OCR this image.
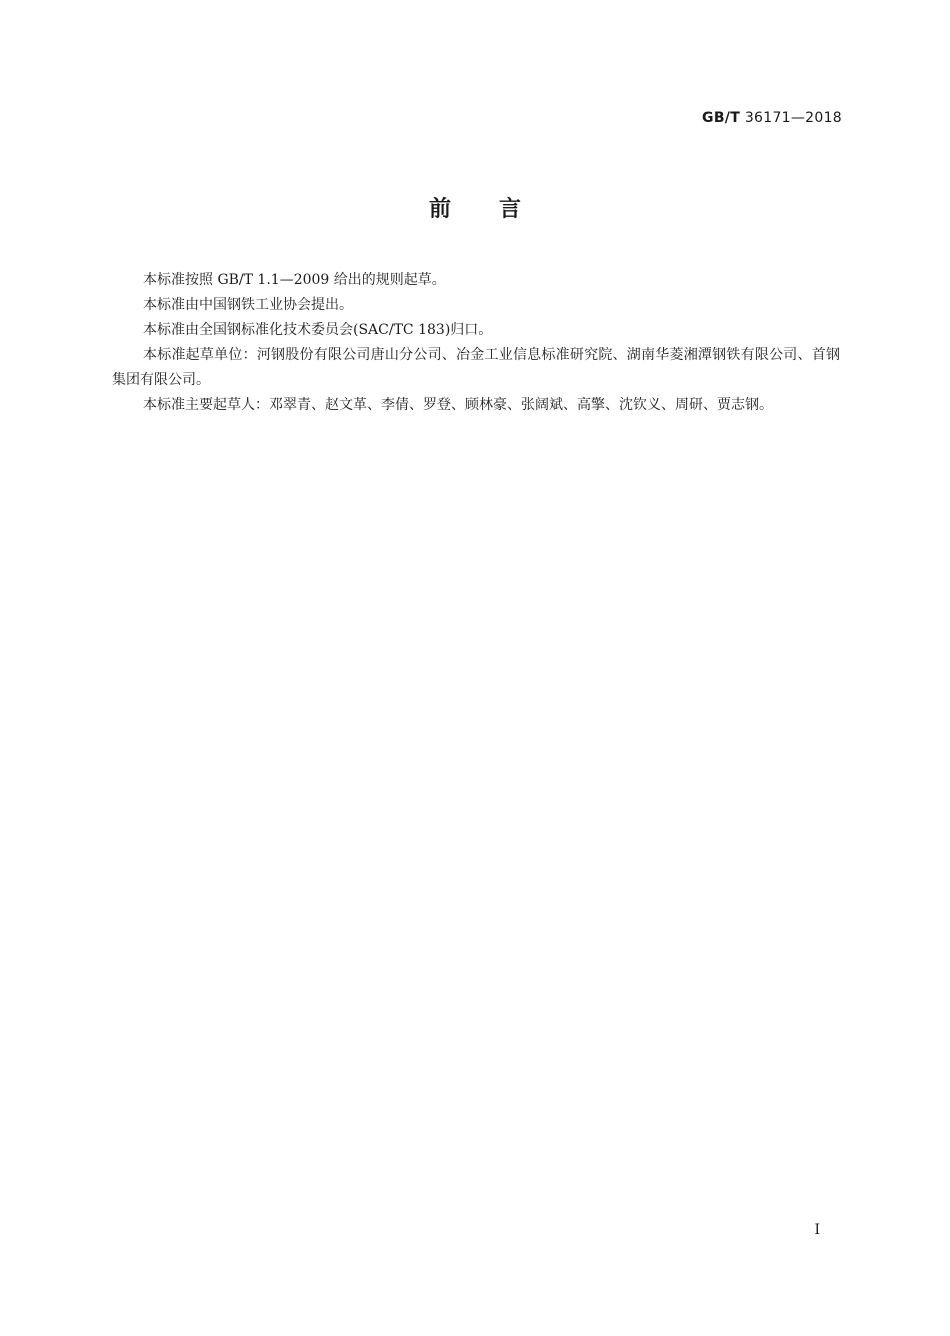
GB/T 36171—2018
前言

本标准按照 GB/T 1.1—2009 给出的规则起草。

本标准由中国钢铁工业协会提出。

本标准由全国钢标准化技术委员会(SAC/TC 183)归口。

本标准起草单位：河钢股份有限公司唐山分公司、冶金工业信息标准研究院、湖南华菱湘潭钢铁有限公司、首钢集团有限公司。

本标准主要起草人：邓翠青、赵文革、李倩、罗登、顾林豪、张阔斌、高擎、沈钦义、周研、贾志钢。

I
